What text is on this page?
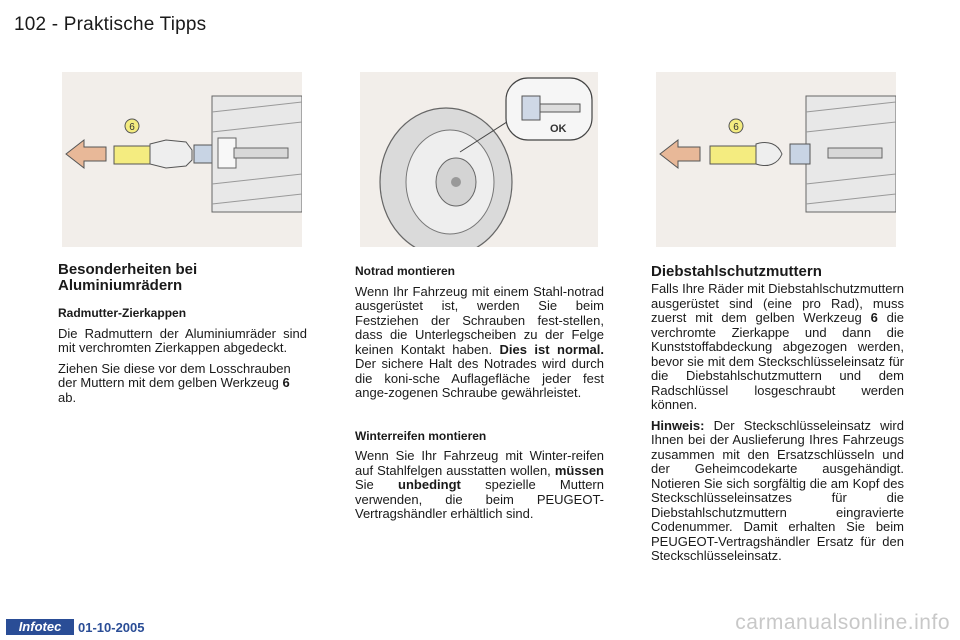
102 - Praktische Tipps
6	OK	6
Besonderheiten bei
Aluminiumrädern
Radmutter-Zierkappen

Die Radmuttern der Aluminiumräder sind mit verchromten Zierkappen abgedeckt.

Ziehen Sie diese vor dem Losschrauben der Muttern mit dem gelben Werkzeug 6 ab.

Notrad montieren

Wenn Ihr Fahrzeug mit einem Stahl-notrad ausgerüstet ist, werden Sie beim Festziehen der Schrauben fest-stellen, dass die Unterlegscheiben zu der Felge keinen Kontakt haben. Dies ist normal. Der sichere Halt des Notrades wird durch die koni-sche Auflagefläche jeder fest ange-zogenen Schraube gewährleistet.

Winterreifen montieren

Wenn Sie Ihr Fahrzeug mit Winter-reifen auf Stahlfelgen ausstatten wollen, müssen Sie unbedingt spezielle Muttern verwenden, die beim PEUGEOT-Vertragshändler erhältlich sind.

Diebstahlschutzmuttern

Falls Ihre Räder mit Diebstahlschutzmuttern ausgerüstet sind (eine pro Rad), muss zuerst mit dem gelben Werkzeug 6 die verchromte Zierkappe und dann die Kunststoffabdeckung abgezogen werden, bevor sie mit dem Steckschlüsseleinsatz für die Diebstahlschutzmuttern und dem Radschlüssel losgeschraubt werden können.

Hinweis: Der Steckschlüsseleinsatz wird Ihnen bei der Auslieferung Ihres Fahrzeugs zusammen mit den Ersatzschlüsseln und der Geheimcodekarte ausgehändigt. Notieren Sie sich sorgfältig die am Kopf des Steckschlüsseleinsatzes für die Diebstahlschutzmuttern eingravierte Codenummer. Damit erhalten Sie beim PEUGEOT-Vertragshändler Ersatz für den Steckschlüsseleinsatz.

Infotec	01-10-2005	carmanualsonline.info
